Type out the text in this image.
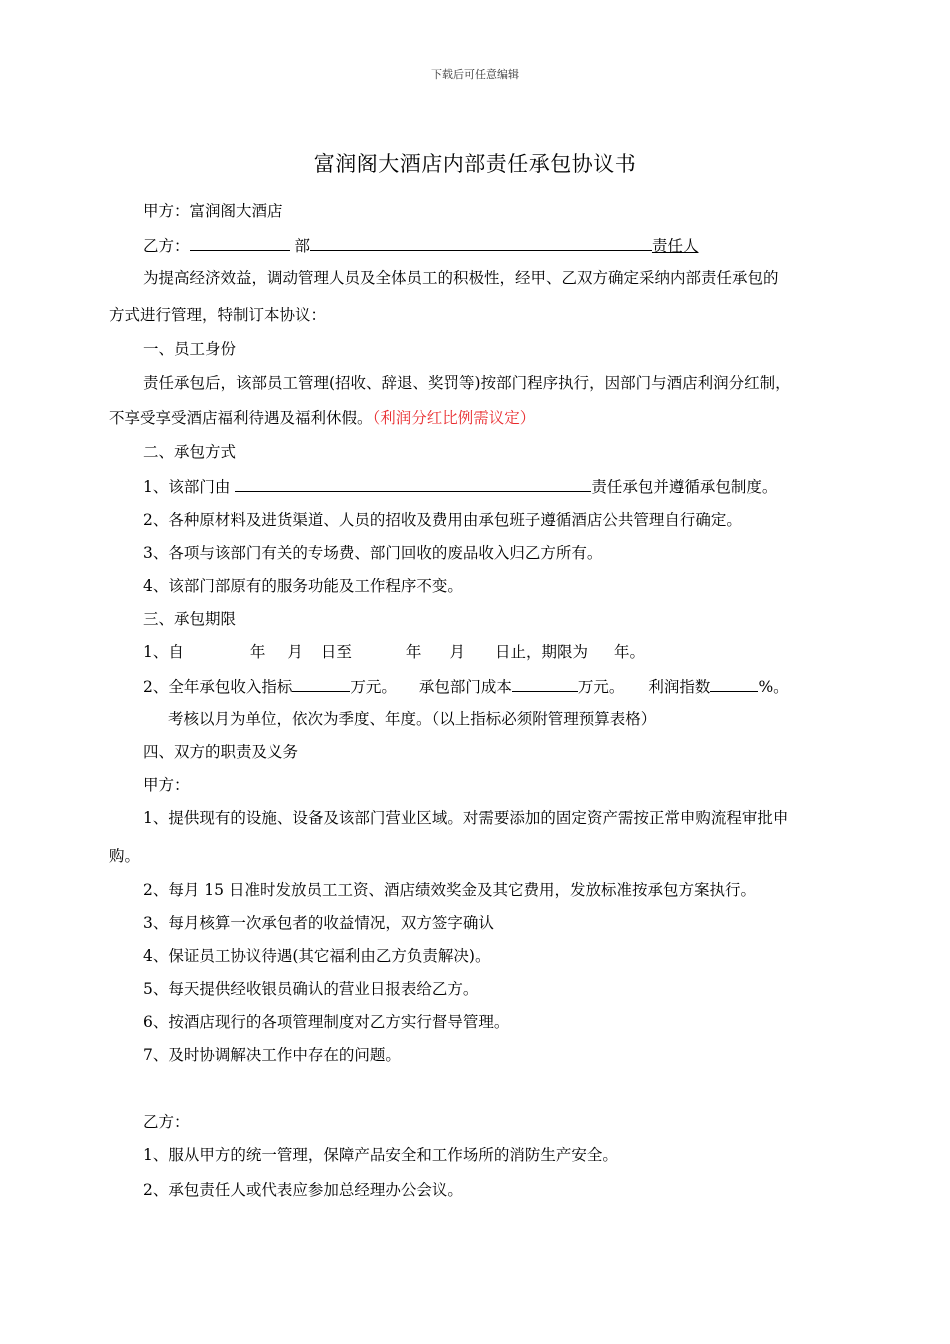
下载后可任意编辑
富润阁大酒店内部责任承包协议书
甲方：富润阁大酒店
乙方：	部	责任人
为提高经济效益，调动管理人员及全体员工的积极性，经甲、乙双方确定采纳内部责任承包的
方式进行管理，特制订本协议：
一、员工身份
责任承包后，该部员工管理(招收、辞退、奖罚等)按部门程序执行，因部门与酒店利润分红制，
不享受享受酒店福利待遇及福利休假。（利润分红比例需议定）
二、承包方式
1、该部门由	责任承包并遵循承包制度。
2、各种原材料及进货渠道、人员的招收及费用由承包班子遵循酒店公共管理自行确定。
3、各项与该部门有关的专场费、部门回收的废品收入归乙方所有。
4、该部门部原有的服务功能及工作程序不变。
三、承包期限
1、自	年 月 日至	年 月 日止，期限为 年。
2、全年承包收入指标	万元。 承包部门成本	万元。 利润指数	%。
考核以月为单位，依次为季度、年度。（以上指标必须附管理预算表格）
四、双方的职责及义务
甲方：
1、提供现有的设施、设备及该部门营业区域。对需要添加的固定资产需按正常申购流程审批申
购。
2、每月 15 日准时发放员工工资、酒店绩效奖金及其它费用，发放标准按承包方案执行。
3、每月核算一次承包者的收益情况，双方签字确认
4、保证员工协议待遇(其它福利由乙方负责解决)。
5、每天提供经收银员确认的营业日报表给乙方。
6、按酒店现行的各项管理制度对乙方实行督导管理。
7、及时协调解决工作中存在的问题。
乙方：
1、服从甲方的统一管理，保障产品安全和工作场所的消防生产安全。
2、承包责任人或代表应参加总经理办公会议。
